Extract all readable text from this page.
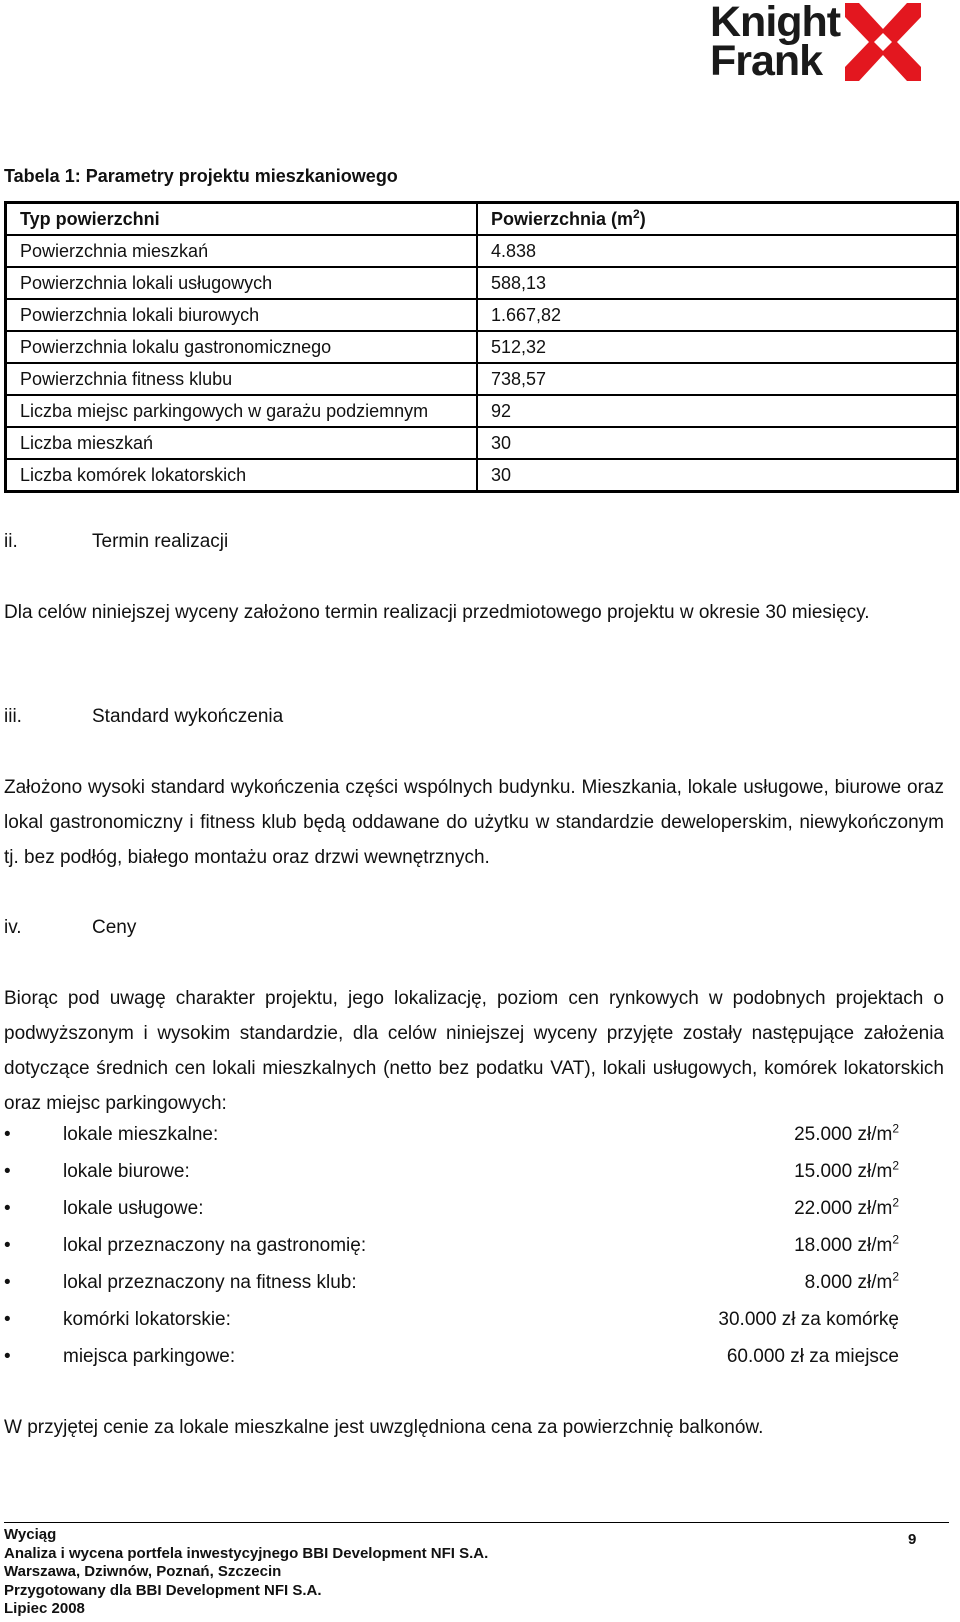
Knight
Frank
Tabela 1: Parametry projektu mieszkaniowego
Typ powierzchni	Powierzchnia $(m^2)$
Powierzchnia mieszkań	4.838
Powierzchnia lokali usługowych	588,13
Powierzchnia lokali biurowych	1.667,82
Powierzchnia lokalu gastronomicznego	512,32
Powierzchnia fitness klubu	738,57
Liczba miejsc parkingowych w garażu podziemnym	92
Liczba mieszkań	30
Liczba komórek lokatorskich	30
ii.	Termin realizacji
Dla celów niniejszej wyceny założono termin realizacji przedmiotowego projektu w okresie 30 miesięcy.
iii.	Standard wykończenia
Założono wysoki standard wykończenia części wspólnych budynku. Mieszkania, lokale usługowe, biurowe oraz lokal gastronomiczny i fitness klub będą oddawane do użytku w standardzie deweloperskim, niewykończonym tj. bez podłóg, białego montażu oraz drzwi wewnętrznych.
iv.	Ceny
Biorąc pod uwagę charakter projektu, jego lokalizację, poziom cen rynkowych w podobnych projektach o podwyższonym i wysokim standardzie, dla celów niniejszej wyceny przyjęte zostały następujące założenia dotyczące średnich cen lokali mieszkalnych (netto bez podatku VAT), lokali usługowych, komórek lokatorskich oraz miejsc parkingowych:
•	lokale mieszkalne:	25.000 $zł/m^2$
•	lokale biurowe:	15.000 $zł/m^2$
•	lokale usługowe:	22.000 $zł/m^2$
•	lokal przeznaczony na gastronomię:	18.000 $zł/m^2$
•	lokal przeznaczony na fitness klub:	8.000 $zł/m^2$
•	komórki lokatorskie:	30.000 zł za komórkę
•	miejsca parkingowe:	60.000 zł za miejsce
W przyjętej cenie za lokale mieszkalne jest uwzględniona cena za powierzchnię balkonów.
Wyciąg
Analiza i wycena portfela inwestycyjnego BBI Development NFI S.A.
Warszawa, Dziwnów, Poznań, Szczecin
Przygotowany dla BBI Development NFI S.A.
Lipiec 2008
9
